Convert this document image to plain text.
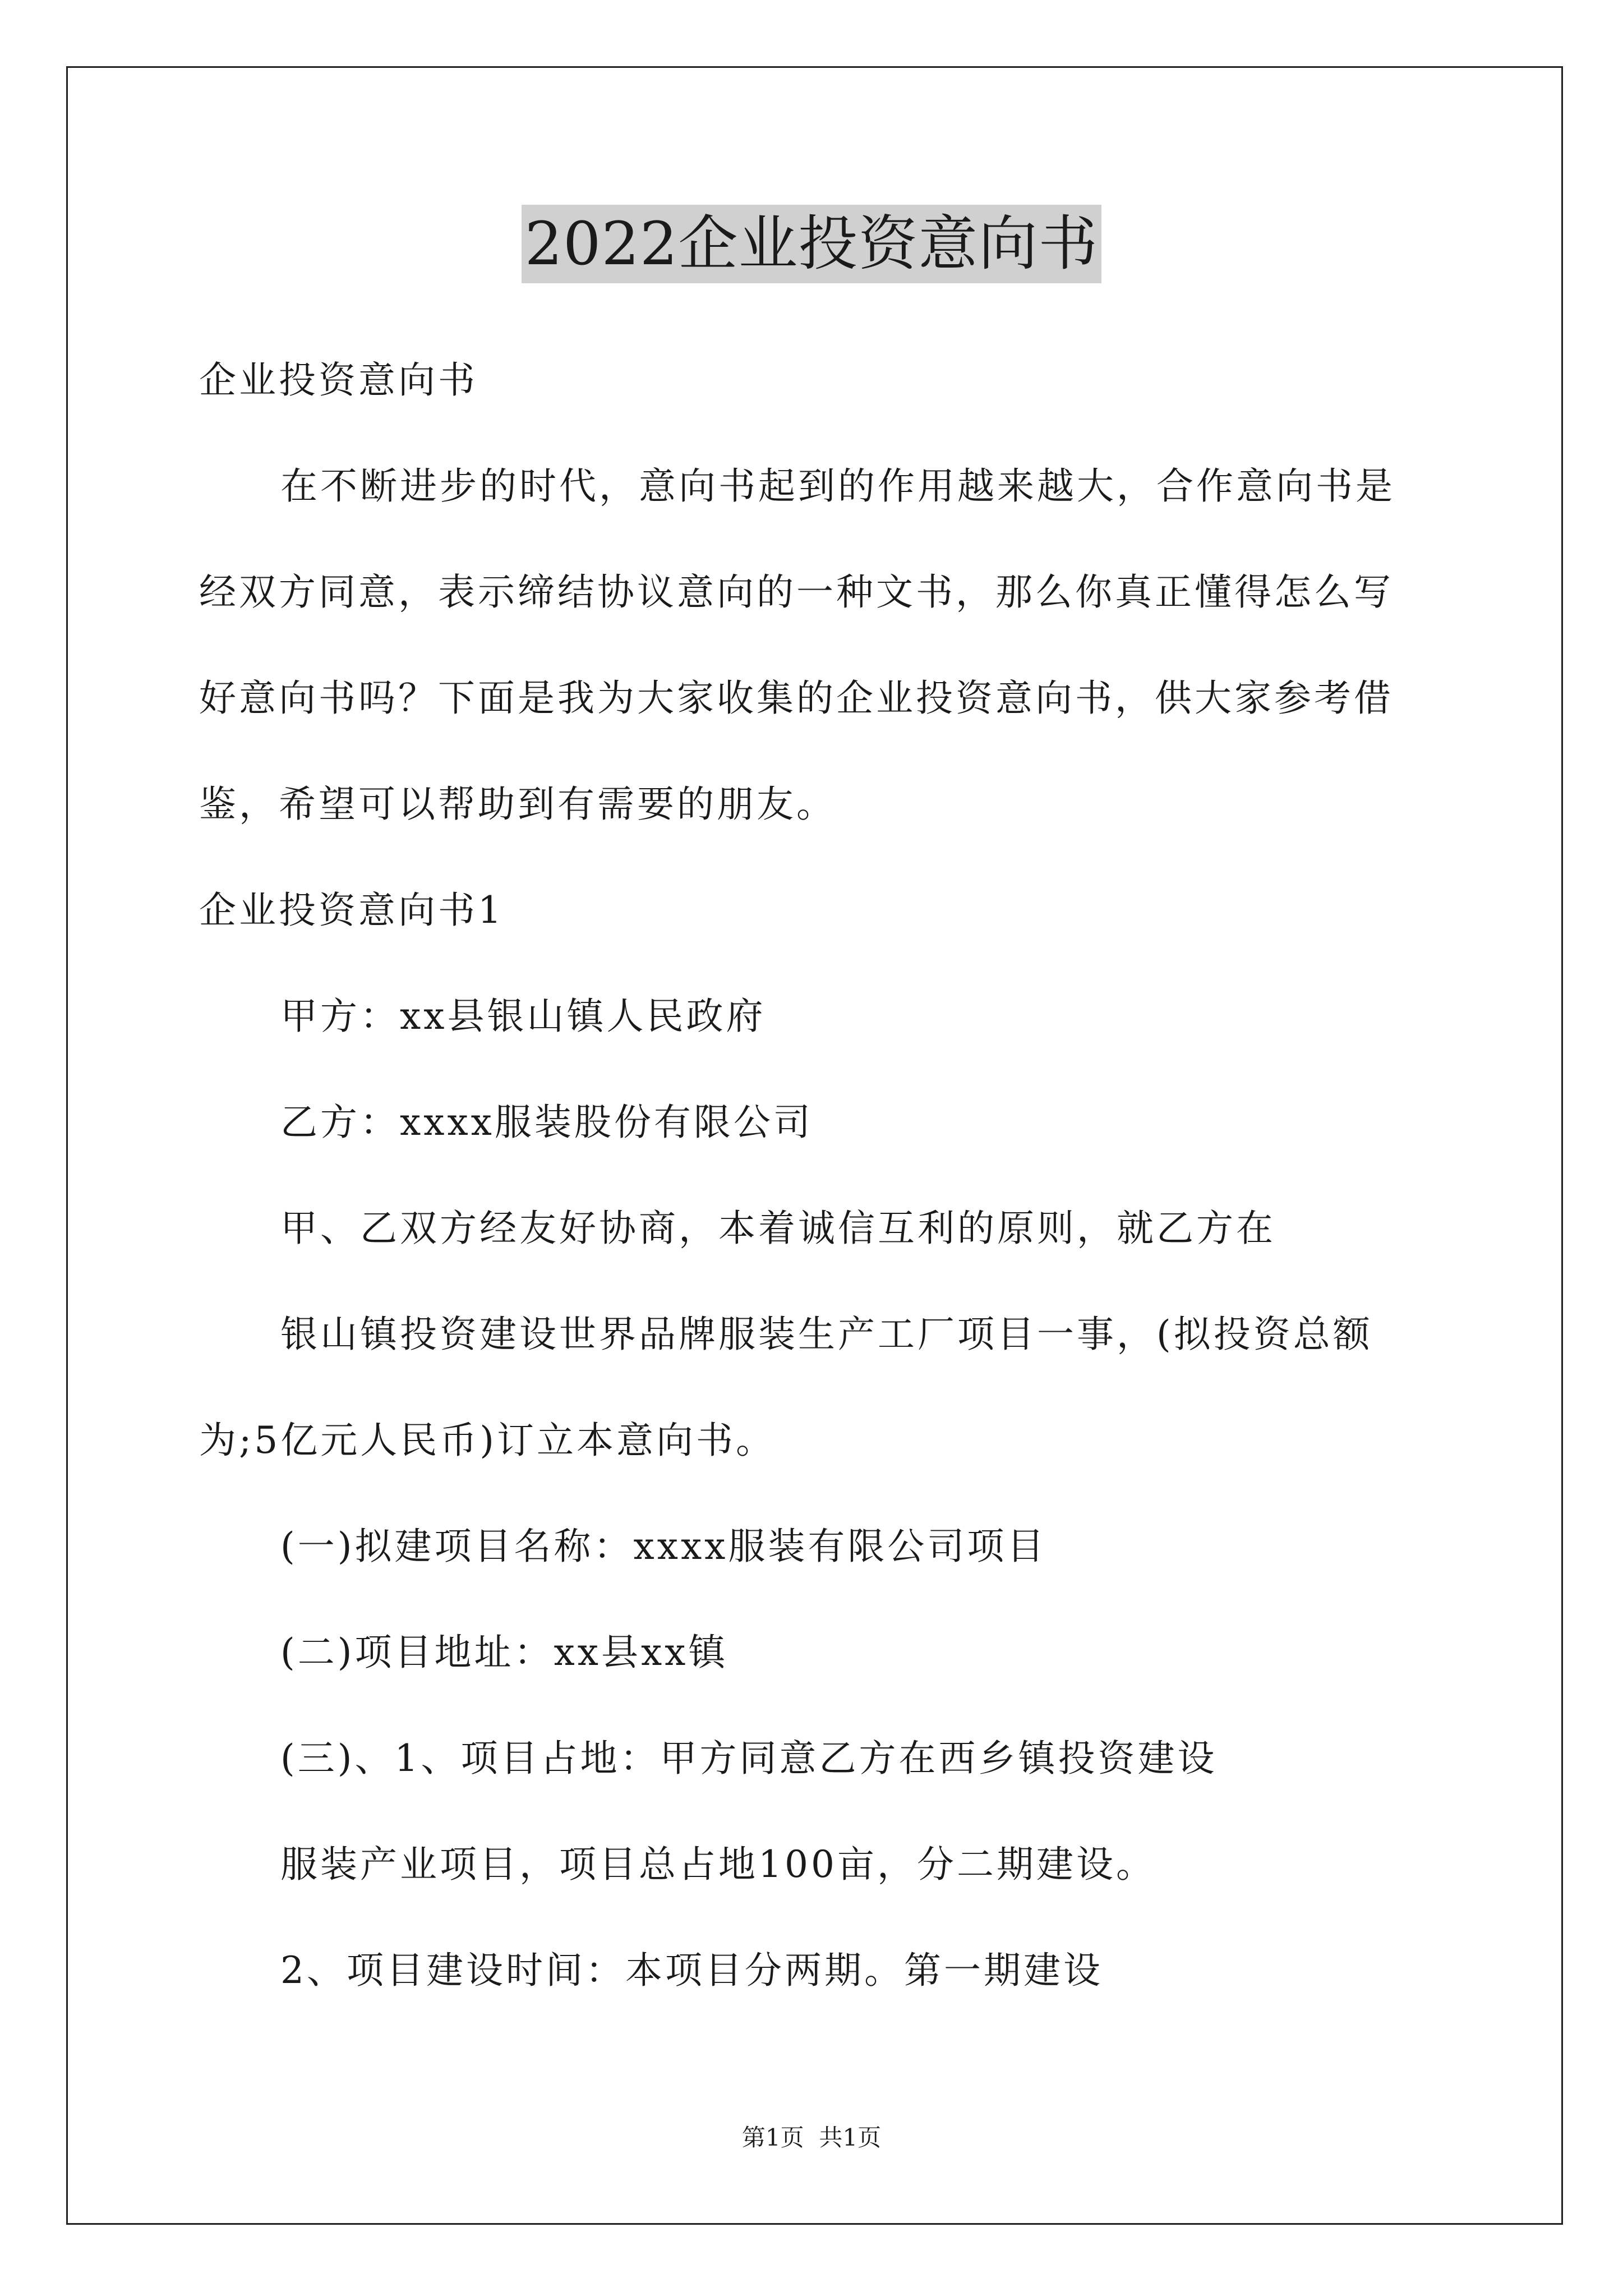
2022企业投资意向书
企业投资意向书
在不断进步的时代，意向书起到的作用越来越大，合作意向书是
经双方同意，表示缔结协议意向的一种文书，那么你真正懂得怎么写
好意向书吗？下面是我为大家收集的企业投资意向书，供大家参考借
鉴，希望可以帮助到有需要的朋友。
企业投资意向书1
甲方：xx县银山镇人民政府
乙方：xxxx服装股份有限公司
甲、乙双方经友好协商，本着诚信互利的原则，就乙方在
银山镇投资建设世界品牌服装生产工厂项目一事，(拟投资总额
为;5亿元人民币)订立本意向书。
(一)拟建项目名称：xxxx服装有限公司项目
(二)项目地址：xx县xx镇
(三)、1、项目占地：甲方同意乙方在西乡镇投资建设
服装产业项目，项目总占地100亩，分二期建设。
2、项目建设时间：本项目分两期。第一期建设
第1页  共1页
